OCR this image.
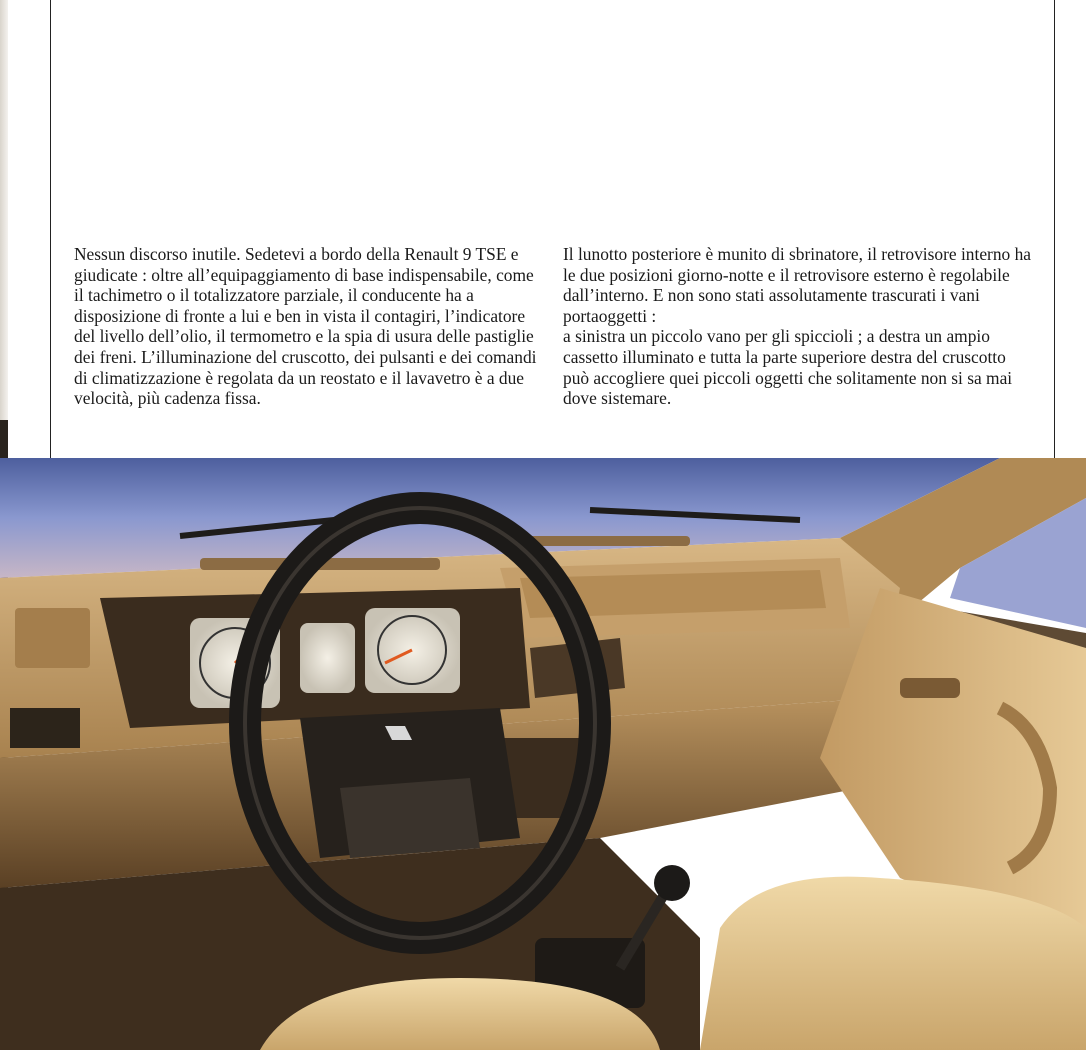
Nessun discorso inutile. Sedetevi a bordo della Renault 9 TSE e giudicate : oltre all’equipaggiamento di base indispensabile, come il tachimetro o il totalizzatore parziale, il conducente ha a disposizione di fronte a lui e ben in vista il contagiri, l’indicatore del livello dell’olio, il termometro e la spia di usura delle pastiglie dei freni. L’illuminazione del cruscotto, dei pulsanti e dei comandi di climatizzazione è regolata da un reostato e il lavavetro è a due velocità, più cadenza fissa.
Il lunotto posteriore è munito di sbrinatore, il retrovisore interno ha le due posizioni giorno-notte e il retrovisore esterno è regolabile dall’interno. E non sono stati assolutamente trascurati i vani portaoggetti :
a sinistra un piccolo vano per gli spiccioli ; a destra un ampio cassetto illuminato e tutta la parte superiore destra del cruscotto può accogliere quei piccoli oggetti che solitamente non si sa mai dove sistemare.
